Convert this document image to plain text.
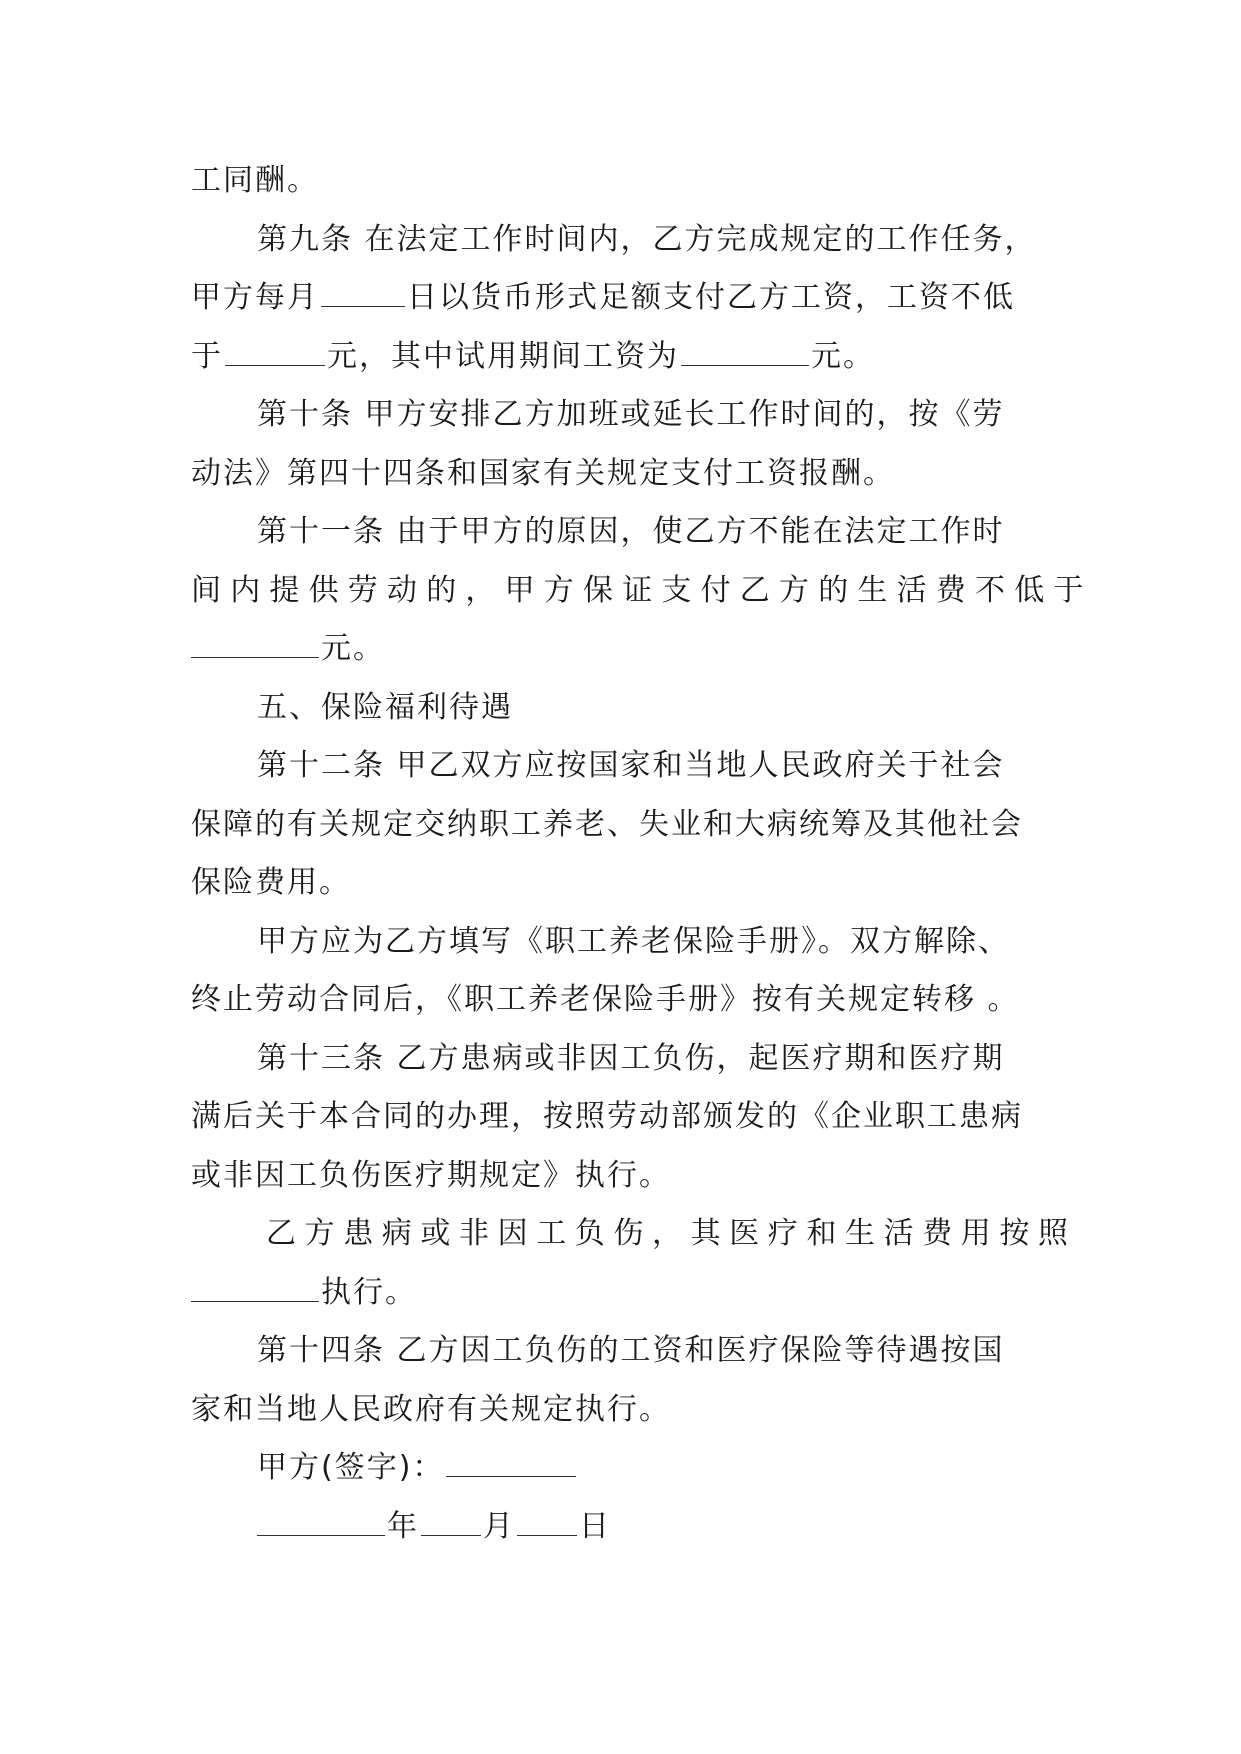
工同酬。
第九条 在法定工作时间内，乙方完成规定的工作任务，
甲方每月	日以货币形式足额支付乙方工资，工资不低
于	元，其中试用期间工资为	元。
第十条 甲方安排乙方加班或延长工作时间的，按《劳
动法》第四十四条和国家有关规定支付工资报酬。
第十一条 由于甲方的原因，使乙方不能在法定工作时
间内提供劳动的，甲方保证支付乙方的生活费不低于
元。
五、保险福利待遇
第十二条 甲乙双方应按国家和当地人民政府关于社会
保障的有关规定交纳职工养老、失业和大病统筹及其他社会
保险费用。
甲方应为乙方填写《职工养老保险手册》。双方解除、
终止劳动合同后，《职工养老保险手册》按有关规定转移 。
第十三条 乙方患病或非因工负伤，起医疗期和医疗期
满后关于本合同的办理，按照劳动部颁发的《企业职工患病
或非因工负伤医疗期规定》执行。
乙方患病或非因工负伤，其医疗和生活费用按照
执行。
第十四条 乙方因工负伤的工资和医疗保险等待遇按国
家和当地人民政府有关规定执行。
甲方(签字)：
年 月 日
